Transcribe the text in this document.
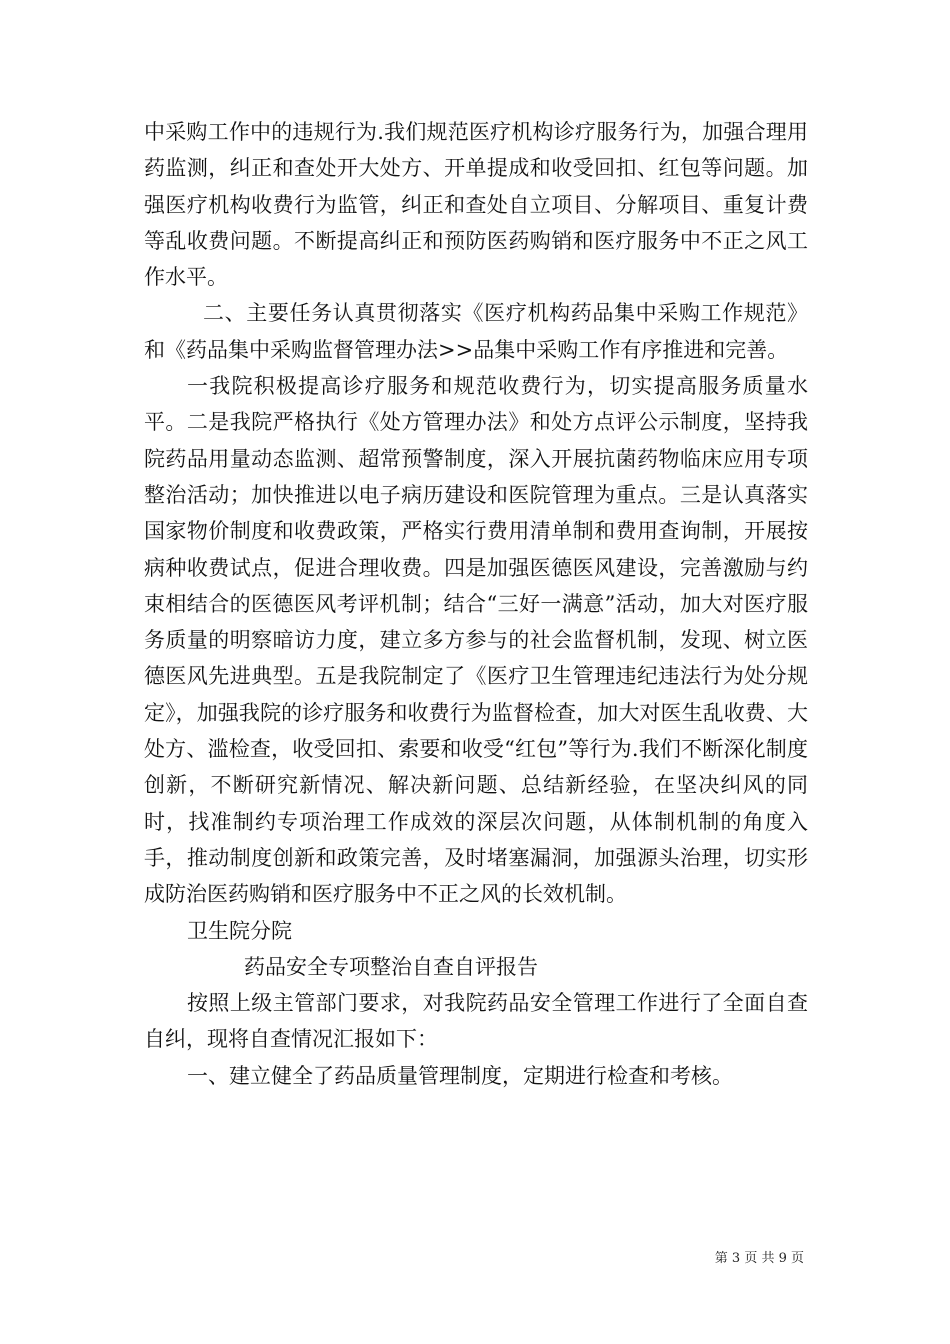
中采购工作中的违规行为.我们规范医疗机构诊疗服务行为，加强合理用药监测，纠正和查处开大处方、开单提成和收受回扣、红包等问题。加强医疗机构收费行为监管，纠正和查处自立项目、分解项目、重复计费等乱收费问题。不断提高纠正和预防医药购销和医疗服务中不正之风工作水平。

二、主要任务认真贯彻落实《医疗机构药品集中采购工作规范》和《药品集中采购监督管理办法>>品集中采购工作有序推进和完善。

一我院积极提高诊疗服务和规范收费行为，切实提高服务质量水平。二是我院严格执行《处方管理办法》和处方点评公示制度，坚持我院药品用量动态监测、超常预警制度，深入开展抗菌药物临床应用专项整治活动；加快推进以电子病历建设和医院管理为重点。三是认真落实国家物价制度和收费政策，严格实行费用清单制和费用查询制，开展按病种收费试点，促进合理收费。四是加强医德医风建设，完善激励与约束相结合的医德医风考评机制；结合“三好一满意”活动，加大对医疗服务质量的明察暗访力度，建立多方参与的社会监督机制，发现、树立医德医风先进典型。五是我院制定了《医疗卫生管理违纪违法行为处分规定》，加强我院的诊疗服务和收费行为监督检查，加大对医生乱收费、大处方、滥检查，收受回扣、索要和收受“红包”等行为.我们不断深化制度创新，不断研究新情况、解决新问题、总结新经验，在坚决纠风的同时，找准制约专项治理工作成效的深层次问题，从体制机制的角度入手，推动制度创新和政策完善，及时堵塞漏洞，加强源头治理，切实形成防治医药购销和医疗服务中不正之风的长效机制。

卫生院分院

药品安全专项整治自查自评报告

按照上级主管部门要求，对我院药品安全管理工作进行了全面自查自纠，现将自查情况汇报如下：

一、建立健全了药品质量管理制度，定期进行检查和考核。

第 3 页 共 9 页
